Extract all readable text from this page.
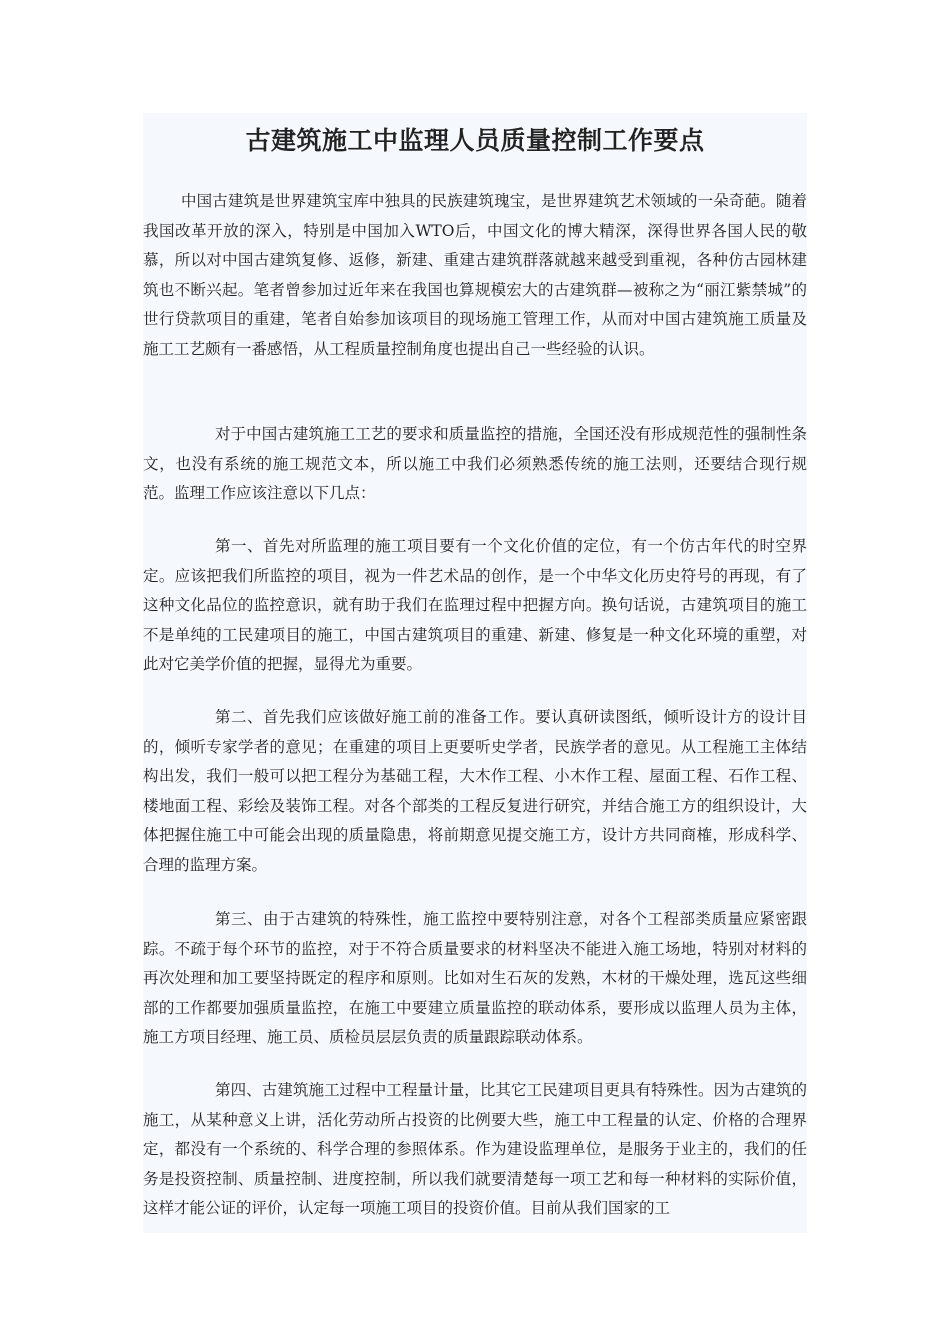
古建筑施工中监理人员质量控制工作要点

中国古建筑是世界建筑宝库中独具的民族建筑瑰宝，是世界建筑艺术领域的一朵奇葩。随着我国改革开放的深入，特别是中国加入WTO后，中国文化的博大精深，深得世界各国人民的敬慕，所以对中国古建筑复修、返修，新建、重建古建筑群落就越来越受到重视，各种仿古园林建筑也不断兴起。笔者曾参加过近年来在我国也算规模宏大的古建筑群—被称之为“丽江紫禁城”的世行贷款项目的重建，笔者自始参加该项目的现场施工管理工作，从而对中国古建筑施工质量及施工工艺颇有一番感悟，从工程质量控制角度也提出自己一些经验的认识。

对于中国古建筑施工工艺的要求和质量监控的措施，全国还没有形成规范性的强制性条文，也没有系统的施工规范文本，所以施工中我们必须熟悉传统的施工法则，还要结合现行规范。监理工作应该注意以下几点：

第一、首先对所监理的施工项目要有一个文化价值的定位，有一个仿古年代的时空界定。应该把我们所监控的项目，视为一件艺术品的创作，是一个中华文化历史符号的再现，有了这种文化品位的监控意识，就有助于我们在监理过程中把握方向。换句话说，古建筑项目的施工不是单纯的工民建项目的施工，中国古建筑项目的重建、新建、修复是一种文化环境的重塑，对此对它美学价值的把握，显得尤为重要。

第二、首先我们应该做好施工前的准备工作。要认真研读图纸，倾听设计方的设计目的，倾听专家学者的意见；在重建的项目上更要听史学者，民族学者的意见。从工程施工主体结构出发，我们一般可以把工程分为基础工程，大木作工程、小木作工程、屋面工程、石作工程、楼地面工程、彩绘及装饰工程。对各个部类的工程反复进行研究，并结合施工方的组织设计，大体把握住施工中可能会出现的质量隐患，将前期意见提交施工方，设计方共同商榷，形成科学、合理的监理方案。

第三、由于古建筑的特殊性，施工监控中要特别注意，对各个工程部类质量应紧密跟踪。不疏于每个环节的监控，对于不符合质量要求的材料坚决不能进入施工场地，特别对材料的再次处理和加工要坚持既定的程序和原则。比如对生石灰的发熟，木材的干燥处理，选瓦这些细部的工作都要加强质量监控，在施工中要建立质量监控的联动体系，要形成以监理人员为主体，施工方项目经理、施工员、质检员层层负责的质量跟踪联动体系。

第四、古建筑施工过程中工程量计量，比其它工民建项目更具有特殊性。因为古建筑的施工，从某种意义上讲，活化劳动所占投资的比例要大些，施工中工程量的认定、价格的合理界定，都没有一个系统的、科学合理的参照体系。作为建设监理单位，是服务于业主的，我们的任务是投资控制、质量控制、进度控制，所以我们就要清楚每一项工艺和每一种材料的实际价值，这样才能公证的评价，认定每一项施工项目的投资价值。目前从我们国家的工
